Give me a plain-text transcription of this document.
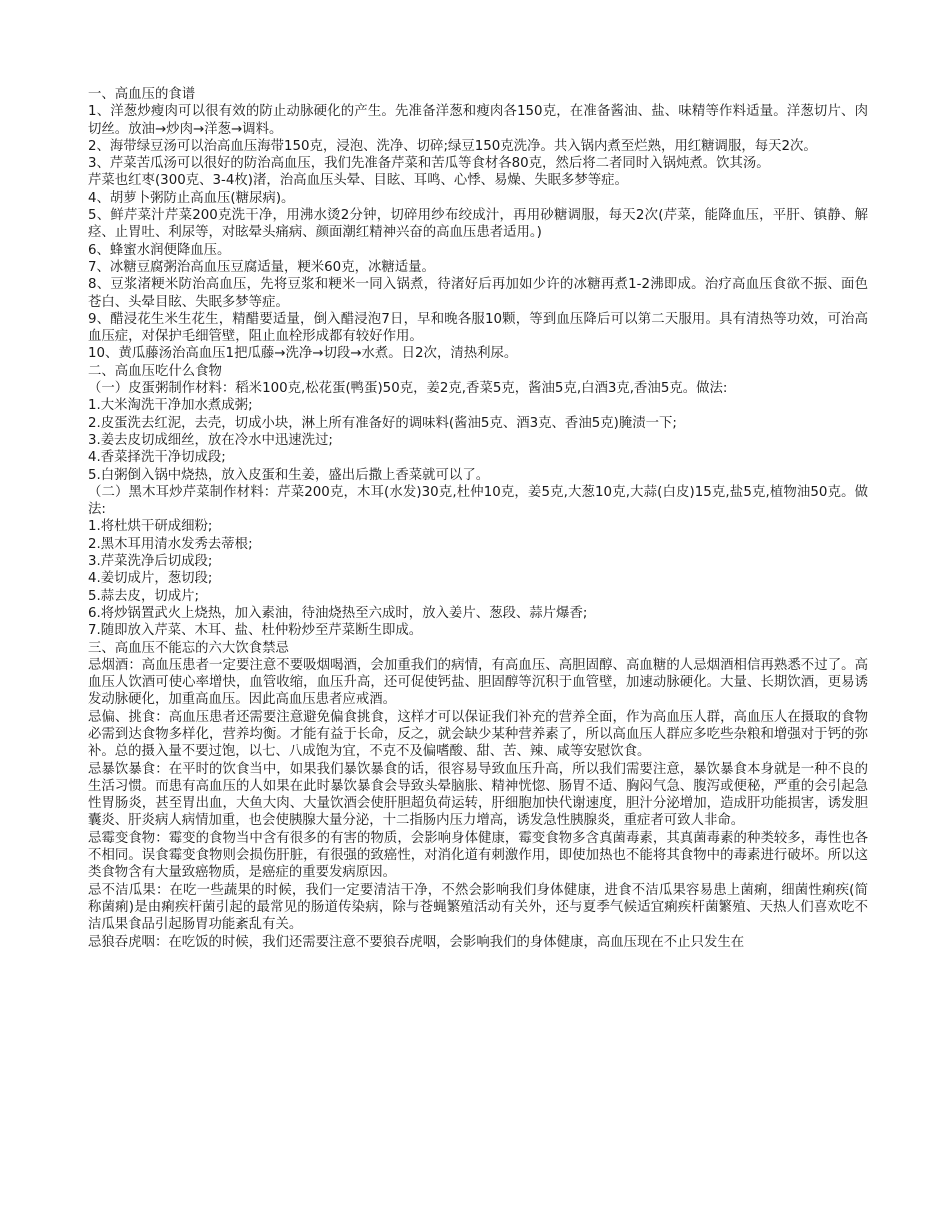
一、高血压的食谱

1、洋葱炒瘦肉可以很有效的防止动脉硬化的产生。先准备洋葱和瘦肉各150克，在准备酱油、盐、味精等作料适量。洋葱切片、肉切丝。放油→炒肉→洋葱→调料。

2、海带绿豆汤可以治高血压海带150克，浸泡、洗净、切碎;绿豆150克洗净。共入锅内煮至烂熟，用红糖调服，每天2次。

3、芹菜苦瓜汤可以很好的防治高血压，我们先准备芹菜和苦瓜等食材各80克，然后将二者同时入锅炖煮。饮其汤。

芹菜也红枣(300克、3-4枚)渚，治高血压头晕、目眩、耳鸣、心悸、易燥、失眠多梦等症。

4、胡萝卜粥防止高血压(糖尿病)。

5、鲜芹菜汁芹菜200克洗干净，用沸水烫2分钟，切碎用纱布绞成汁，再用砂糖调服，每天2次(芹菜，能降血压，平肝、镇静、解痉、止胃吐、利尿等，对眩晕头痛病、颜面潮红精神兴奋的高血压患者适用。)

6、蜂蜜水润便降血压。

7、冰糖豆腐粥治高血压豆腐适量，粳米60克，冰糖适量。

8、豆浆渚粳米防治高血压，先将豆浆和粳米一同入锅煮，待渚好后再加如少许的冰糖再煮1-2沸即成。治疗高血压食欲不振、面色苍白、头晕目眩、失眠多梦等症。

9、醋浸花生米生花生，精醋要适量，倒入醋浸泡7日，早和晚各服10颗，等到血压降后可以第二天服用。具有清热等功效，可治高血压症，对保护毛细管壁，阻止血栓形成都有较好作用。

10、黄瓜藤汤治高血压1把瓜藤→洗净→切段→水煮。日2次，清热利尿。

二、高血压吃什么食物

（一）皮蛋粥制作材料：稻米100克,松花蛋(鸭蛋)50克，姜2克,香菜5克，酱油5克,白酒3克,香油5克。做法:

1.大米淘洗干净加水煮成粥;

2.皮蛋洗去红泥，去壳，切成小块，淋上所有准备好的调味料(酱油5克、酒3克、香油5克)腌渍一下;

3.姜去皮切成细丝，放在冷水中迅速洗过;

4.香菜择洗干净切成段;

5.白粥倒入锅中烧热，放入皮蛋和生姜，盛出后撒上香菜就可以了。

（二）黑木耳炒芹菜制作材料：芹菜200克，木耳(水发)30克,杜仲10克，姜5克,大葱10克,大蒜(白皮)15克,盐5克,植物油50克。做法:

1.将杜烘干研成细粉;

2.黑木耳用清水发秀去蒂根;

3.芹菜洗净后切成段;

4.姜切成片，葱切段;

5.蒜去皮，切成片;

6.将炒锅置武火上烧热，加入素油，待油烧热至六成时，放入姜片、葱段、蒜片爆香;

7.随即放入芹菜、木耳、盐、杜仲粉炒至芹菜断生即成。

三、高血压不能忘的六大饮食禁忌

忌烟酒：高血压患者一定要注意不要吸烟喝酒，会加重我们的病情，有高血压、高胆固醇、高血糖的人忌烟酒相信再熟悉不过了。高血压人饮酒可使心率增快，血管收缩，血压升高，还可促使钙盐、胆固醇等沉积于血管壁，加速动脉硬化。大量、长期饮酒，更易诱发动脉硬化，加重高血压。因此高血压患者应戒酒。

忌偏、挑食：高血压患者还需要注意避免偏食挑食，这样才可以保证我们补充的营养全面，作为高血压人群，高血压人在摄取的食物必需到达食物多样化，营养均衡。才能有益于长命，反之，就会缺少某种营养素了，所以高血压人群应多吃些杂粮和增强对于钙的弥补。总的摄入量不要过饱，以七、八成饱为宜，不克不及偏嗜酸、甜、苦、辣、咸等安慰饮食。

忌暴饮暴食：在平时的饮食当中，如果我们暴饮暴食的话，很容易导致血压升高，所以我们需要注意，暴饮暴食本身就是一种不良的生活习惯。而患有高血压的人如果在此时暴饮暴食会导致头晕脑胀、精神恍惚、肠胃不适、胸闷气急、腹泻或便秘，严重的会引起急性胃肠炎，甚至胃出血，大鱼大肉、大量饮酒会使肝胆超负荷运转，肝细胞加快代谢速度，胆汁分泌增加，造成肝功能损害，诱发胆囊炎、肝炎病人病情加重，也会使胰腺大量分泌，十二指肠内压力增高，诱发急性胰腺炎，重症者可致人非命。

忌霉变食物：霉变的食物当中含有很多的有害的物质，会影响身体健康，霉变食物多含真菌毒素，其真菌毒素的种类较多，毒性也各不相同。误食霉变食物则会损伤肝脏，有很强的致癌性，对消化道有刺激作用，即使加热也不能将其食物中的毒素进行破坏。所以这类食物含有大量致癌物质，是癌症的重要发病原因。

忌不洁瓜果：在吃一些蔬果的时候，我们一定要清洁干净，不然会影响我们身体健康，进食不洁瓜果容易患上菌痢，细菌性痢疾(简称菌痢)是由痢疾杆菌引起的最常见的肠道传染病，除与苍蝇繁殖活动有关外，还与夏季气候适宜痢疾杆菌繁殖、天热人们喜欢吃不洁瓜果食品引起肠胃功能紊乱有关。

忌狼吞虎咽：在吃饭的时候，我们还需要注意不要狼吞虎咽，会影响我们的身体健康，高血压现在不止只发生在
